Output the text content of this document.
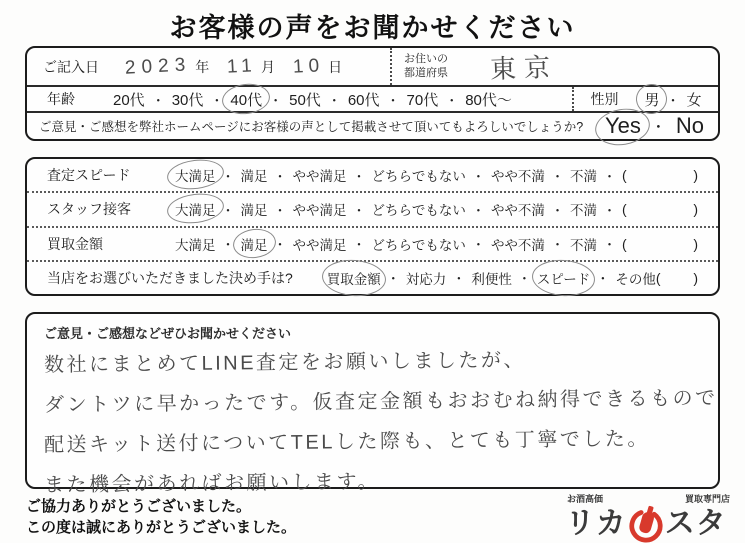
お客様の声をお聞かせください
ご記入日 2023 年 11 月 10 日	お住いの
都道府県 東京
年齢	20代 ・ 30代 ・ 40代 ・ 50代 ・ 60代 ・ 70代 ・ 80代〜	性別 男 ・ 女
ご意見・ご感想を弊社ホームページにお客様の声として掲載させて頂いてもよろしいでしょうか? Yes ・ No
査定スピード	大満足 ・ 満足 ・ やや満足 ・ どちらでもない ・ やや不満 ・ 不満 ・ (	)
スタッフ接客	大満足 ・ 満足 ・ やや満足 ・ どちらでもない ・ やや不満 ・ 不満 ・ (	)
買取金額	大満足 ・ 満足 ・ やや満足 ・ どちらでもない ・ やや不満 ・ 不満 ・ (	)
当店をお選びいただきました決め手は?	買取金額 ・ 対応力 ・ 利便性 ・ スピード ・ その他 ( )
ご意見・ご感想などぜひお聞かせください
数社にまとめてLINE査定をお願いしましたが、
ダントツに早かったです。仮査定金額もおおむね納得できるもので
配送キット送付についてTELした際も、とても丁寧でした。
また機会があればお願いします。
ご協力ありがとうございました。
この度は誠にありがとうございました。
お酒高価	買取専門店
リカ スタ
